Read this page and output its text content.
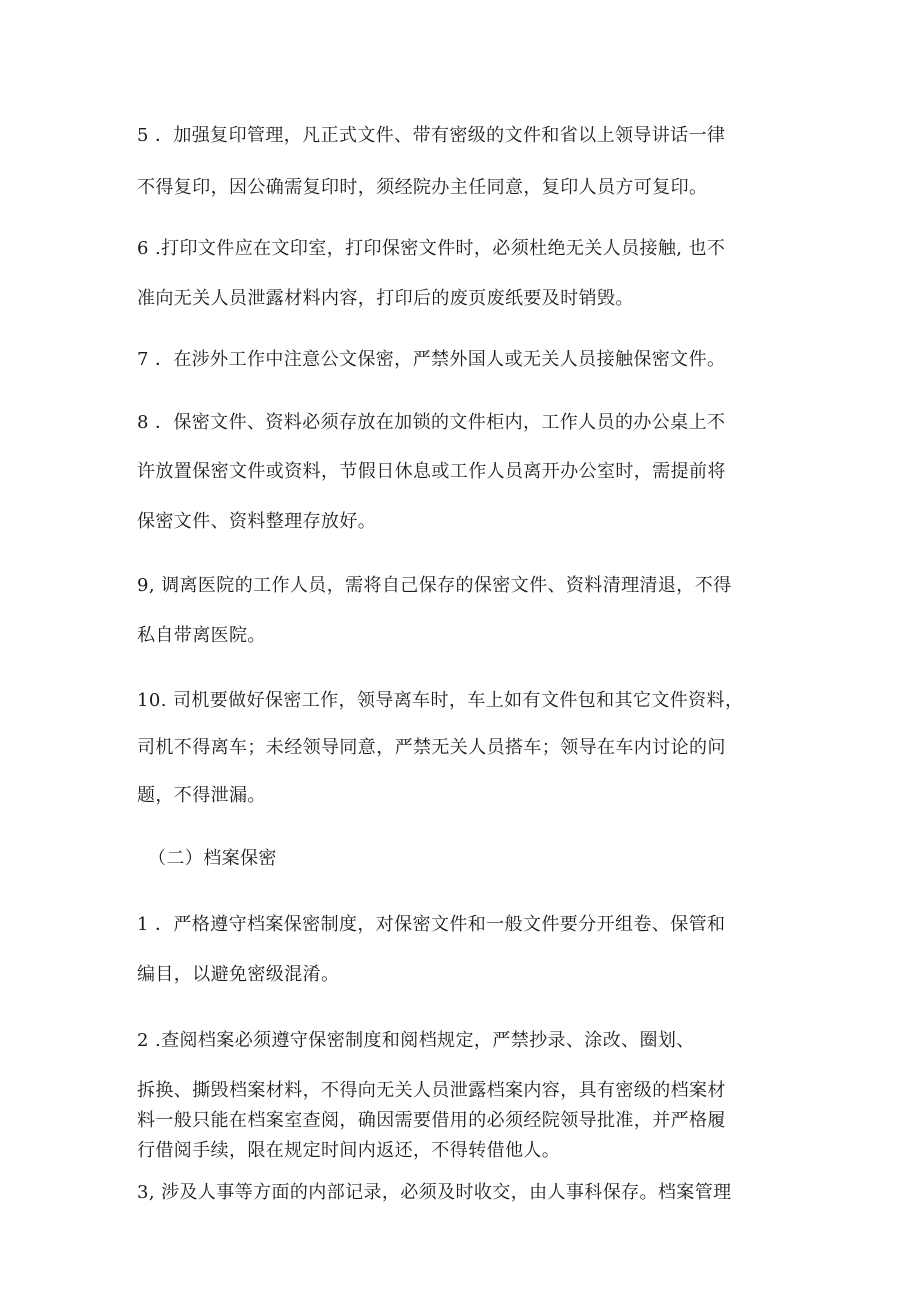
5 ．加强复印管理，凡正式文件、带有密级的文件和省以上领导讲话一律

不得复印，因公确需复印时，须经院办主任同意，复印人员方可复印。

6 .打印文件应在文印室，打印保密文件时，必须杜绝无关人员接触, 也不

准向无关人员泄露材料内容，打印后的废页废纸要及时销毁。

7 ．在涉外工作中注意公文保密，严禁外国人或无关人员接触保密文件。

8 ．保密文件、资料必须存放在加锁的文件柜内，工作人员的办公桌上不

许放置保密文件或资料，节假日休息或工作人员离开办公室时，需提前将

保密文件、资料整理存放好。

9, 调离医院的工作人员，需将自己保存的保密文件、资料清理清退，不得

私自带离医院。

10. 司机要做好保密工作，领导离车时，车上如有文件包和其它文件资料，

司机不得离车；未经领导同意，严禁无关人员搭车；领导在车内讨论的问

题，不得泄漏。

（二）档案保密

1 ．严格遵守档案保密制度，对保密文件和一般文件要分开组卷、保管和

编目，以避免密级混淆。

2 .查阅档案必须遵守保密制度和阅档规定，严禁抄录、涂改、圈划、

拆换、撕毁档案材料，不得向无关人员泄露档案内容，具有密级的档案材

料一般只能在档案室查阅，确因需要借用的必须经院领导批准，并严格履

行借阅手续，限在规定时间内返还，不得转借他人。

3, 涉及人事等方面的内部记录，必须及时收交，由人事科保存。档案管理
